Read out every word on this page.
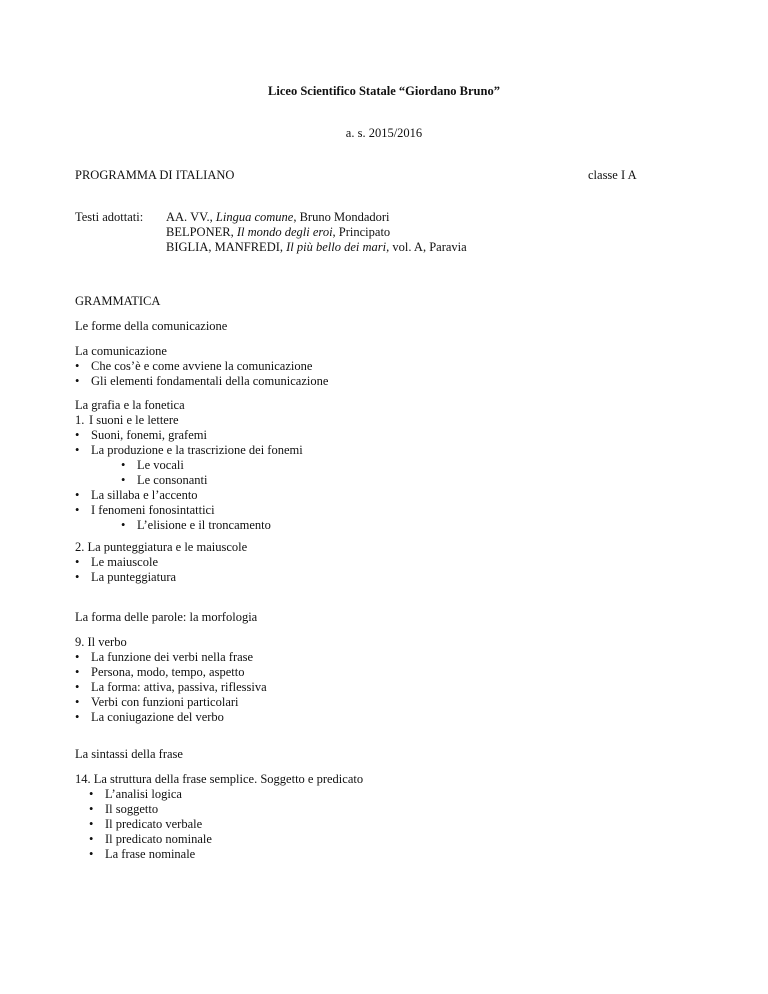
Liceo Scientifico Statale “Giordano Bruno”
a. s. 2015/2016
PROGRAMMA DI ITALIANO	classe I A
Testi adottati: AA. VV., Lingua comune, Bruno Mondadori
BELPONER, Il mondo degli eroi, Principato
BIGLIA, MANFREDI, Il più bello dei mari, vol. A, Paravia
GRAMMATICA
Le forme della comunicazione
La comunicazione
• Che cos’è e come avviene la comunicazione
• Gli elementi fondamentali della comunicazione
La grafia e la fonetica
1. I suoni e le lettere
• Suoni, fonemi, grafemi
• La produzione e la trascrizione dei fonemi
• Le vocali
• Le consonanti
• La sillaba e l’accento
• I fenomeni fonosintattici
• L’elisione e il troncamento
2. La punteggiatura e le maiuscole
• Le maiuscole
• La punteggiatura
La forma delle parole: la morfologia
9. Il verbo
• La funzione dei verbi nella frase
• Persona, modo, tempo, aspetto
• La forma: attiva, passiva, riflessiva
• Verbi con funzioni particolari
• La coniugazione del verbo
La sintassi della frase
14. La struttura della frase semplice. Soggetto e predicato
• L’analisi logica
• Il soggetto
• Il predicato verbale
• Il predicato nominale
• La frase nominale
